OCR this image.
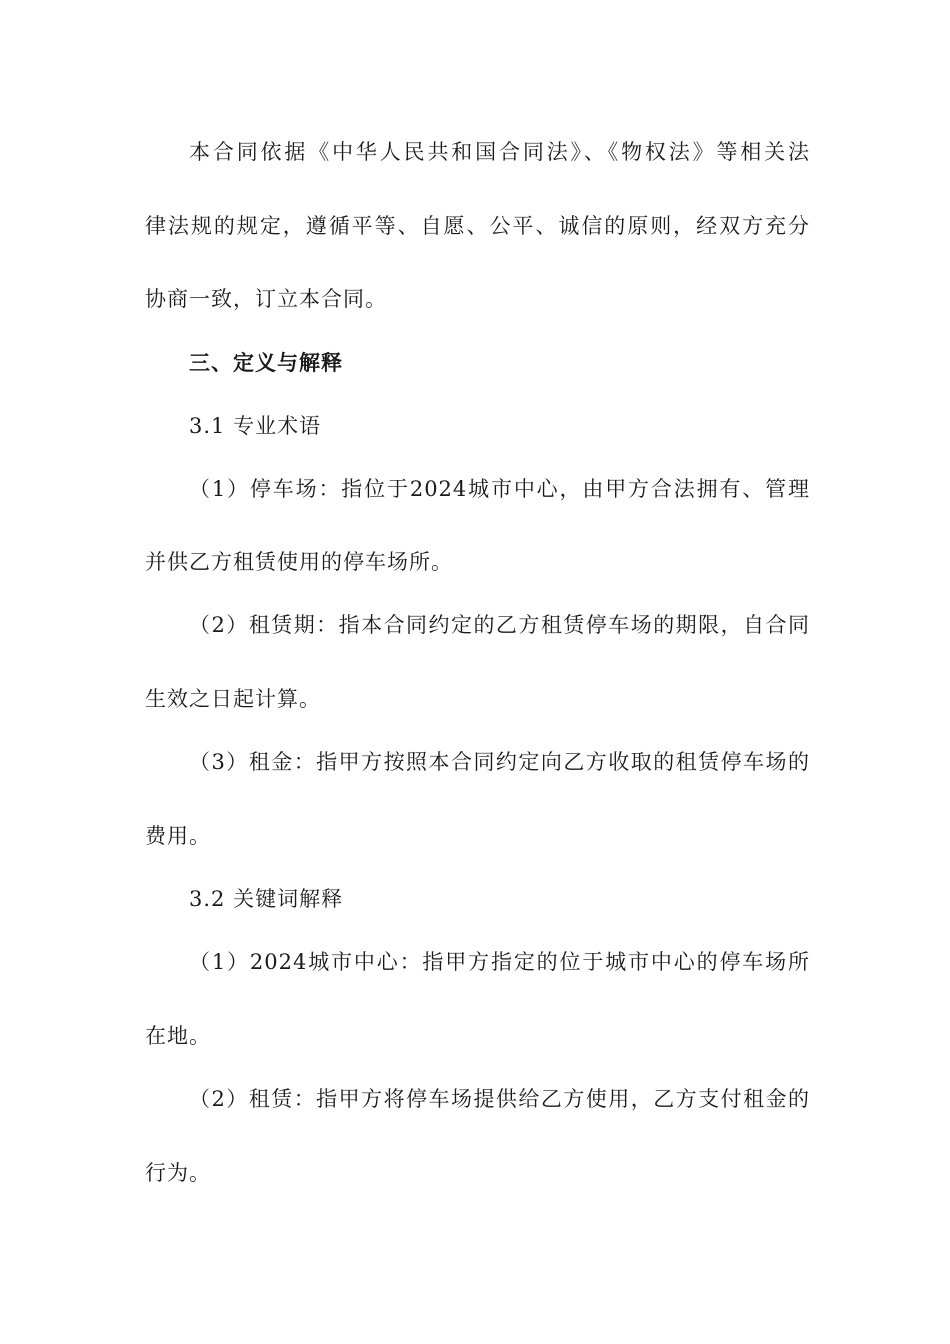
本合同依据《中华人民共和国合同法》、《物权法》等相关法
律法规的规定，遵循平等、自愿、公平、诚信的原则，经双方充分
协商一致，订立本合同。
三、定义与解释
3.1 专业术语
（1）停车场：指位于2024城市中心，由甲方合法拥有、管理
并供乙方租赁使用的停车场所。
（2）租赁期：指本合同约定的乙方租赁停车场的期限，自合同
生效之日起计算。
（3）租金：指甲方按照本合同约定向乙方收取的租赁停车场的
费用。
3.2 关键词解释
（1）2024城市中心：指甲方指定的位于城市中心的停车场所
在地。
（2）租赁：指甲方将停车场提供给乙方使用，乙方支付租金的
行为。
